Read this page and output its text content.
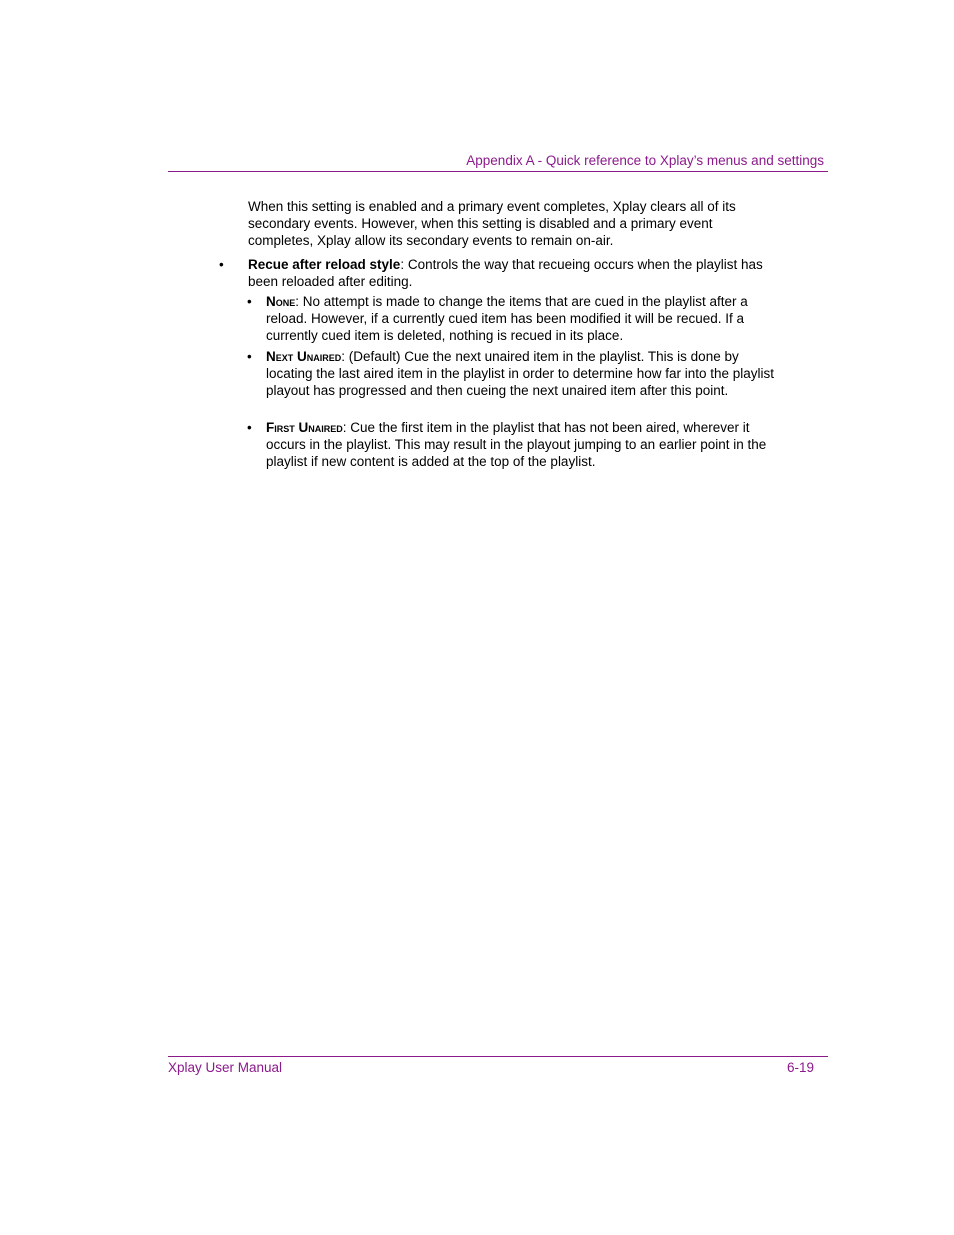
Appendix A - Quick reference to Xplay’s menus and settings
When this setting is enabled and a primary event completes, Xplay clears all of its secondary events. However, when this setting is disabled and a primary event completes, Xplay allow its secondary events to remain on-air.
• Recue after reload style: Controls the way that recueing occurs when the playlist has been reloaded after editing.
• None: No attempt is made to change the items that are cued in the playlist after a reload. However, if a currently cued item has been modified it will be recued. If a currently cued item is deleted, nothing is recued in its place.
• Next Unaired: (Default) Cue the next unaired item in the playlist. This is done by locating the last aired item in the playlist in order to determine how far into the playlist playout has progressed and then cueing the next unaired item after this point.
• First Unaired: Cue the first item in the playlist that has not been aired, wherever it occurs in the playlist. This may result in the playout jumping to an earlier point in the playlist if new content is added at the top of the playlist.
Xplay User Manual	6-19
